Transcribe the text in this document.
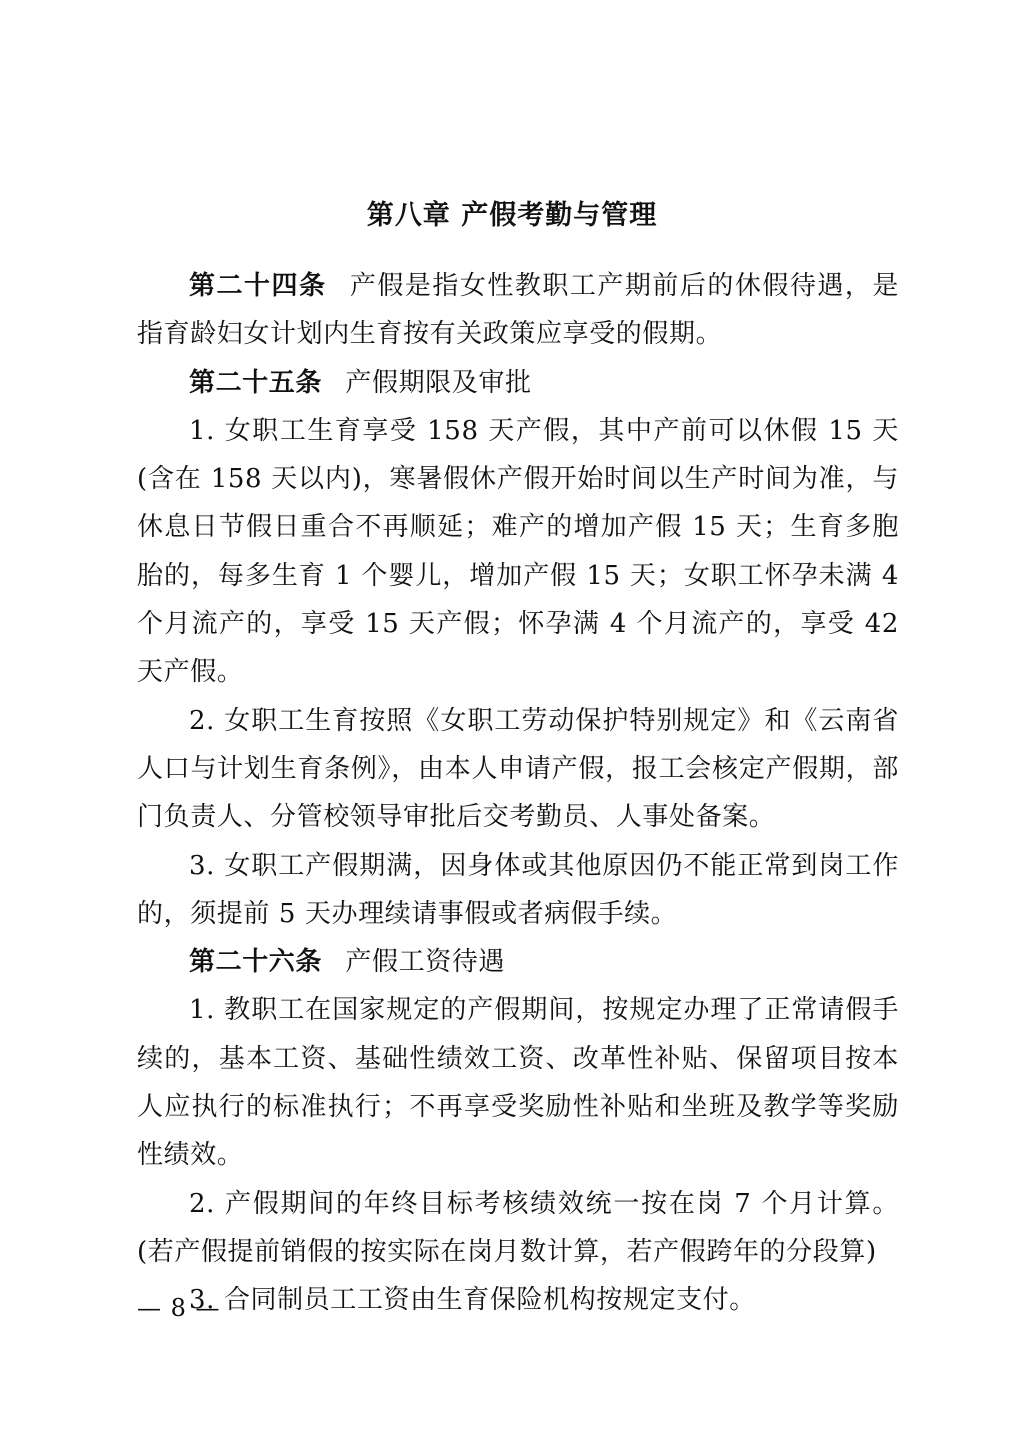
第八章 产假考勤与管理

第二十四条 产假是指女性教职工产期前后的休假待遇，是指育龄妇女计划内生育按有关政策应享受的假期。

第二十五条 产假期限及审批

1. 女职工生育享受 158 天产假，其中产前可以休假 15 天(含在 158 天以内)，寒暑假休产假开始时间以生产时间为准，与休息日节假日重合不再顺延；难产的增加产假 15 天；生育多胞胎的，每多生育 1 个婴儿，增加产假 15 天；女职工怀孕未满 4 个月流产的，享受 15 天产假；怀孕满 4 个月流产的，享受 42 天产假。

2. 女职工生育按照《女职工劳动保护特别规定》和《云南省人口与计划生育条例》，由本人申请产假，报工会核定产假期，部门负责人、分管校领导审批后交考勤员、人事处备案。

3. 女职工产假期满，因身体或其他原因仍不能正常到岗工作的，须提前 5 天办理续请事假或者病假手续。

第二十六条 产假工资待遇

1. 教职工在国家规定的产假期间，按规定办理了正常请假手续的，基本工资、基础性绩效工资、改革性补贴、保留项目按本人应执行的标准执行；不再享受奖励性补贴和坐班及教学等奖励性绩效。

2. 产假期间的年终目标考核绩效统一按在岗 7 个月计算。(若产假提前销假的按实际在岗月数计算，若产假跨年的分段算)

3. 合同制员工工资由生育保险机构按规定支付。

— 8 —
